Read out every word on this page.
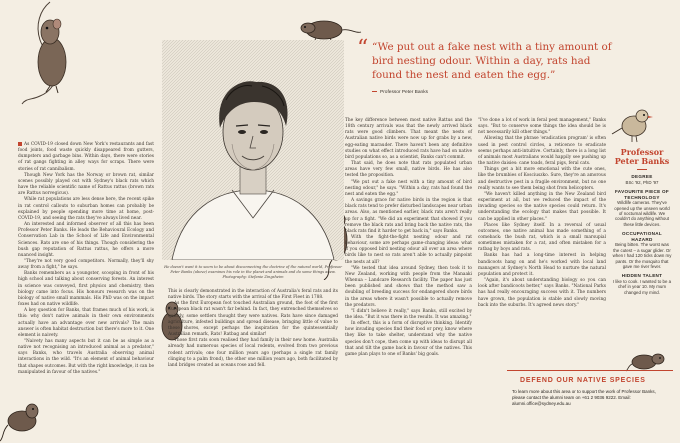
As COVID-19 closed down New York's restaurants and fast food joints, food waste quickly disappeared from gutters, dumpsters and garbage bins. Within days, there were stories of rat gangs fighting in alley ways for scraps. There were stories of rat cannibalism.

Though New York has the Norway or brown rat, similar scenes possibly played out with Sydney's black rats which have the reliable scientific name of Rattus rattus (brown rats are Rattus norvegicus).

While rat populations are less dense here, the recent spike in rat control callouts to suburban homes can probably be explained by people spending more time at home, post-COVID-19, and seeing the rats they've always lived near.

An interested and informed observer of all this has been Professor Peter Banks. He leads the Behavioural Ecology and Conservation Lab in the School of Life and Environmental Sciences. Rats are one of his things. Though considering the bush gap reputation of Rattus rattus, he offers a more nuanced insight.

"They're not very good competitors. Normally, they'll shy away from a fight," he says.

Banks remembers as a youngster, scooping in front of his high school and talking about conserving forests. An interest in science was conveyed, first physics and chemistry, then biology came into focus. His honours research was on the biology of native small mammals. His PhD was on the impact foxes had on native wildlife.

A key question for Banks, that frames much of his work, is this: why don't native animals in their own environments actually have an advantage over new arrivals? The main answer is often habitat destruction but there's more to it. One element is naivety.

"Naivety has many aspects but it can be as simple as a native not recognising an introduced animal as a predator," says Banks, who travels Australia observing animal interactions in the wild. "It's an element of animal behaviour that shapes outcomes. But with the right knowledge, it can be manipulated in favour of the natives."

He doesn't want it to seem to be about disconnecting the doctrine of the natural world, Professor Peter Banks (above) examines his role in the planet and animals and do some things anew. Photography: Stefanie Zingsheim

This is clearly demonstrated in the interaction of Australia's feral rats and its native birds. The story starts with the arrival of the First Fleet in 1788.

As the first European foot touched Australian ground, the foot of the first European black rat wasn't far behind. In fact, they entrenched themselves so quickly, some settlers thought they were natives. Rats have since damaged agriculture, infested buildings and spread disease, bringing little of value to these shores, except perhaps the inspiration for the quintessentially Australian remark, Rats! Ratbag and similar!

Those first rats soon realised they had family in their new home. Australia already had numerous species of local rodents, evolved from two previous rodent arrivals; one four million years ago (perhaps a single rat family clinging to a palm frond), the other one million years ago, both facilitated by land bridges created as oceans rose and fell.

“ “We put out a fake nest with a tiny amount of bird nesting odour. Within a day, rats had found the nest and eaten the egg.”
Professor Peter Banks

The key difference between most native Rattus and the 18th century arrivals was that the newly arrived black rats were good climbers. That meant the nests of Australian native birds were now up for grabs by a new, egg-eating marauder. There haven't been any definitive studies on what effect introduced rats have had on native bird populations so, as a scientist, Banks can't commit.

That said, he does note that rats populated urban areas have very few small, native birds. He has also tested the proposition.

"We put out a fake nest with a tiny amount of bird nesting odour," he says. "Within a day, rats had found the nest and eaten the egg."

A savings grace for native birds in the region is that black rats tend to prefer disturbed landscapes near urban areas. Also, as mentioned earlier, black rats aren't really up for a fight. "We did an experiment that showed if you remove the black rats and bring back the native rats, the black rats find it harder to get back in," says Banks.

With the fight-the-fight nesting odour and rat behaviour, some are perhaps game-changing ideas: what if you opposed bird nesting odour all over an area where birds like to nest so rats aren't able to actually pinpoint the nests at all?

"We tested that idea around Sydney, then took it to New Zealand, working with people from the Manaaki Whenua – Landcare Research facility. The paper has just been published and shows that the method saw a doubling of breeding success for endangered shore birds in the areas where it wasn't possible to actually remove the predators.

"I didn't believe it really," says Banks, still excited by the idea. "But it was there in the results. It was amazing."

In effect, this is a form of disruptive thinking. Identify how invading species find their food or prey, know where they like to take shelter, understand why the native species don't cope, then come up with ideas to disrupt all that and tilt the game back in favour of the natives. This game plan plays to one of Banks' big goals.

"I've done a lot of work in feral pest management," Banks says. "But to conserve some things the idea should be is not necessarily kill other things."

Allowing that the phrase 'eradication program' is often used in pest control circles, a reticence to eradicate seems perhaps anti-intuitive. Certainly, there is a long list of animals most Australians would happily see pushing up the native daisies: cane toads, feral pigs, feral cats.

Things get a bit more emotional with the cute ones, like the brumbies of Kosciuszko. Sure, they're an amorous and destructive pest in a fragile environment, but no one really wants to see them being shot from helicopters.

"We haven't killed anything in the New Zealand bird experiment at all, but we reduced the impact of the invading species so the native species could return. It's understanding the ecology that makes that possible. It can be applied in other places."

Places like Sydney itself. In a reversal of usual outcomes, one native animal has made something of a comeback: the bush rat, which is a small marsupial sometimes mistaken for a rat, and often mistaken for a ratbag by boys and rats.

Banks has had a long-time interest in helping bandicoots hang on and he's worked with local land managers at Sydney's North Head to nurture the natural population and protect it.

"Again, it's about understanding biology so you can look after bandicoots better," says Banks. "National Parks has had really encouraging success with it. The numbers have grown, the population is stable and slowly moving back into the suburbs. It's agreed news story."

Professor Peter Banks
DEGREE
BSc '92, PhD '97
FAVOURITE PIECE OF TECHNOLOGY
Wildlife cameras. They've opened up the unseen world of nocturnal wildlife. We couldn't do anything without these little devices.
OCCUPATIONAL HAZARD
Being bitten. The worst was the cutest – a sugar glider. Or when I had 120 ticks down my pants. Or the mosquito that gave me river fever.
HIDDEN TALENT
I like to cook. I wanted to be a chef in year 10. My mum changed my mind.
DEFEND OUR NATIVE SPECIES
To learn more about this area or to support the work of Professor Banks, please contact the alumni team on +61 2 9036 9222. Email: alumni.office@sydney.edu.au
